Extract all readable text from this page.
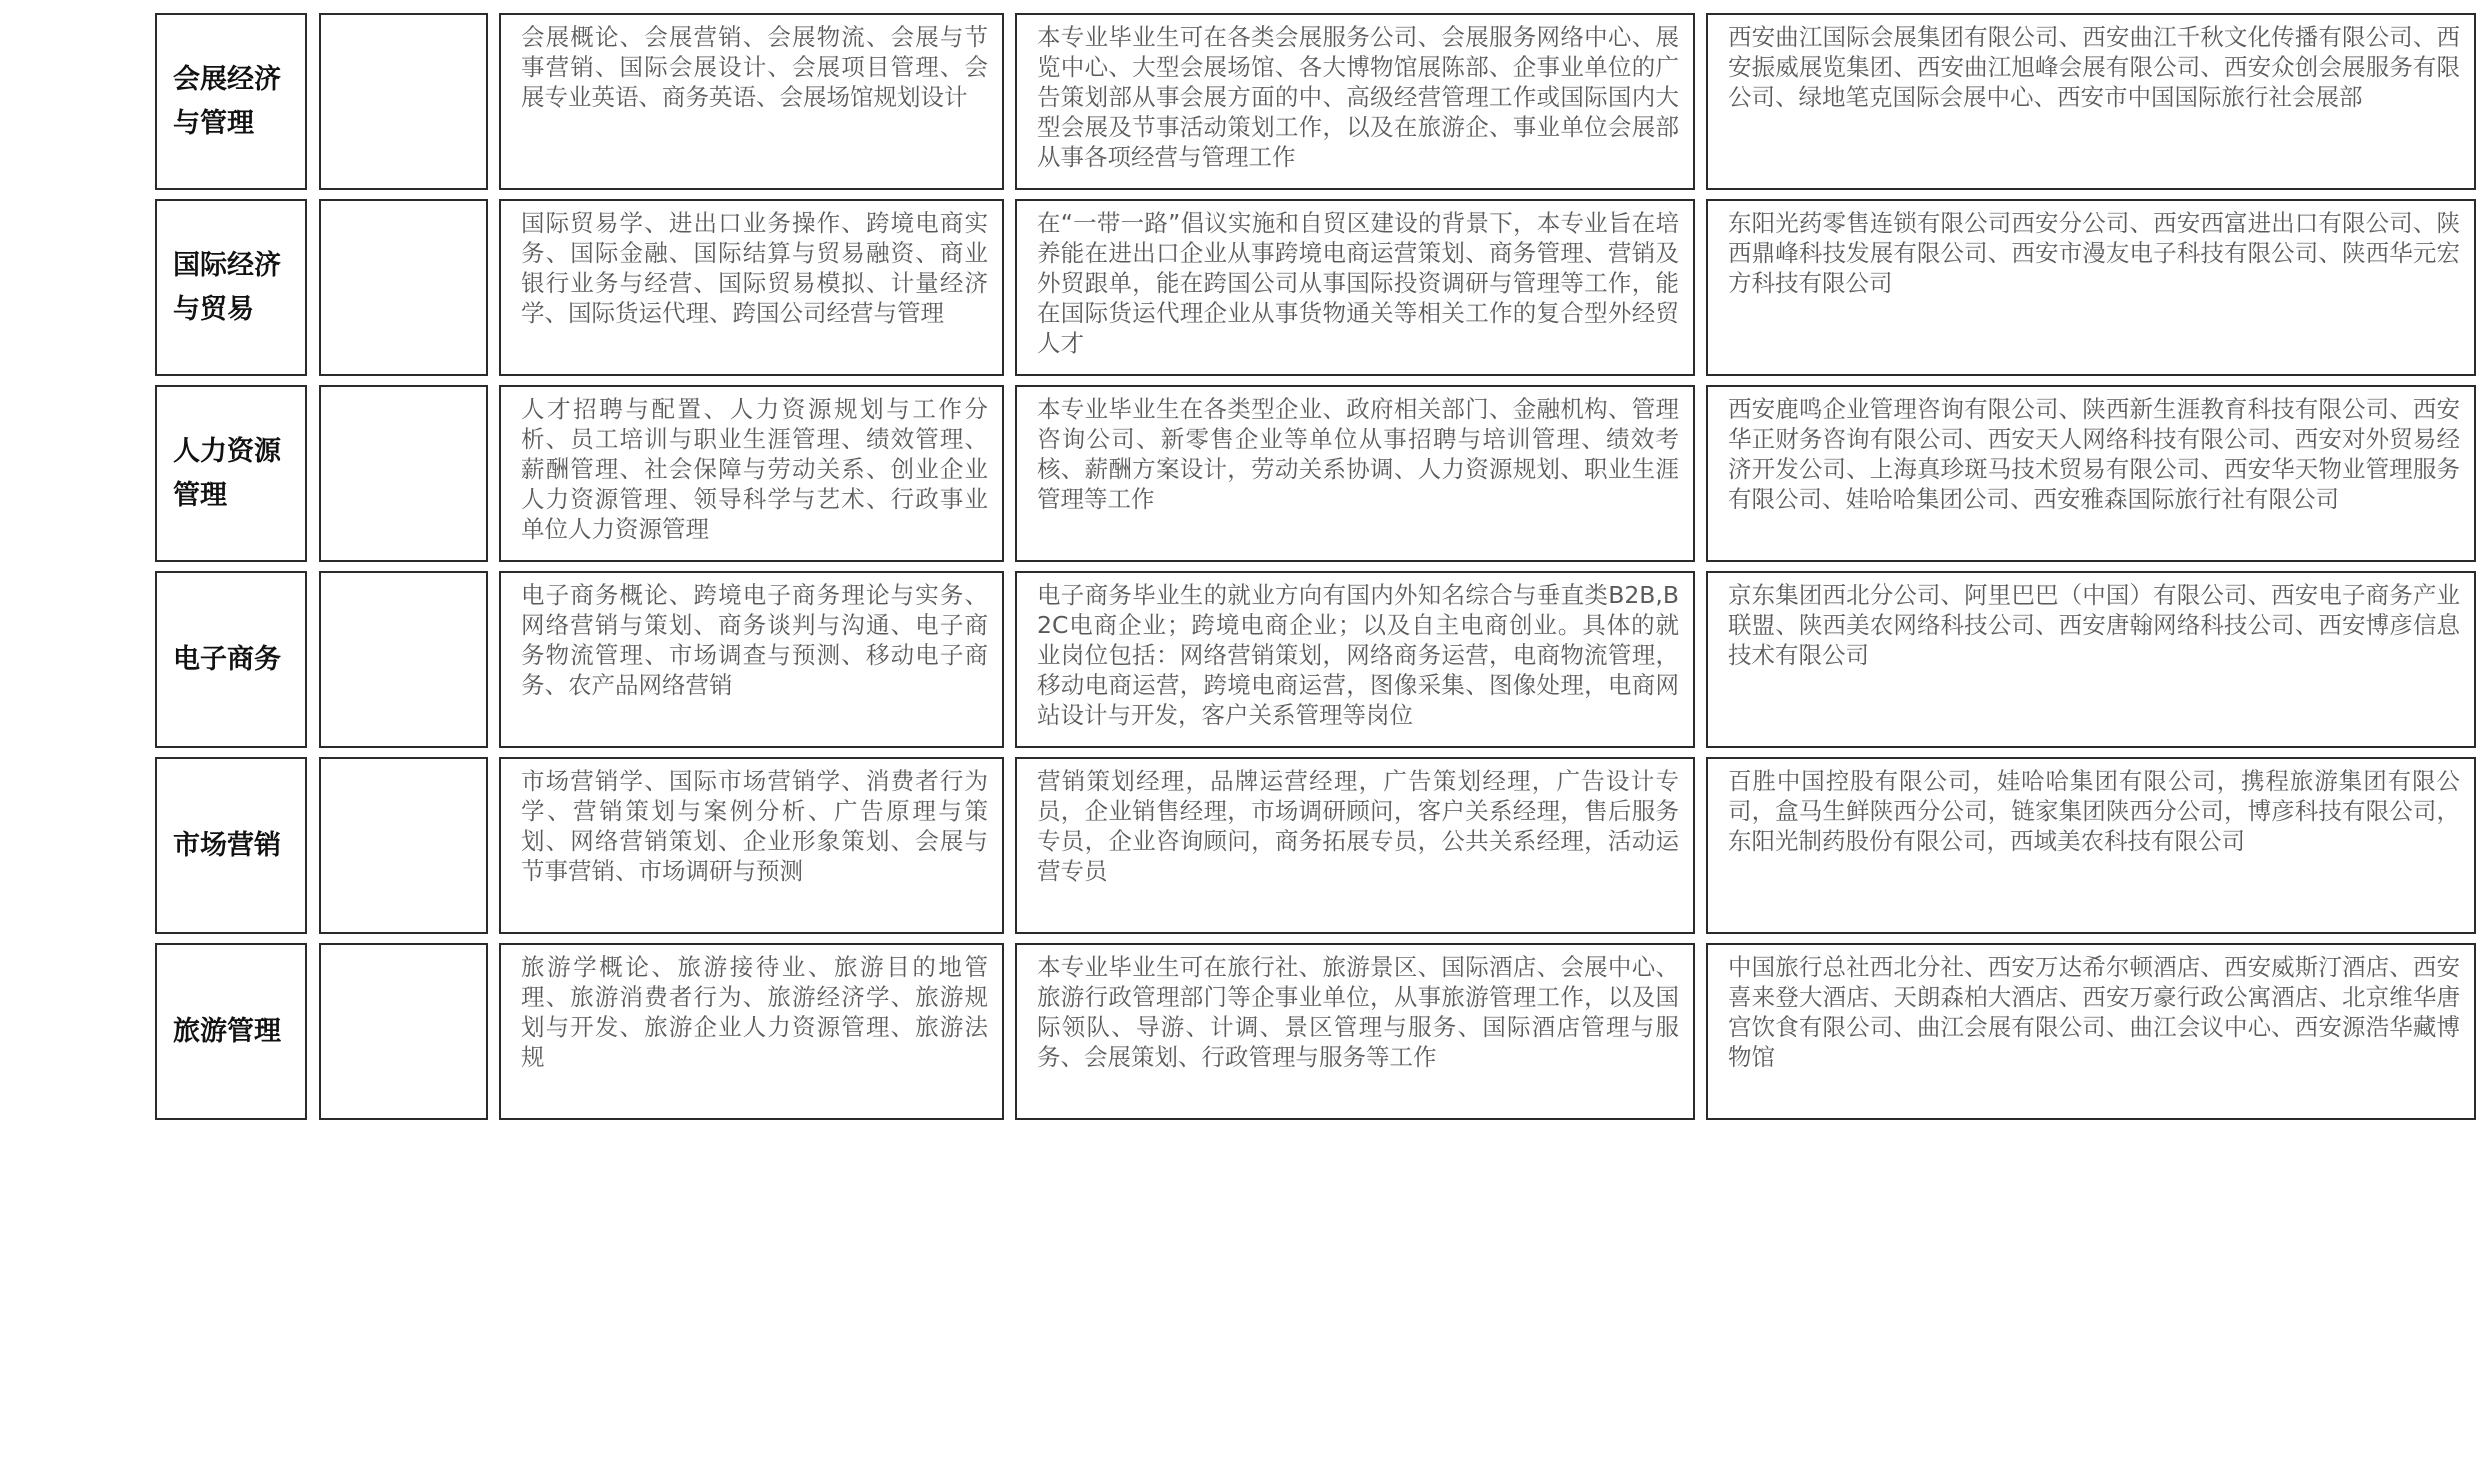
会展经济与管理
会展概论、会展营销、会展物流、会展与节事营销、国际会展设计、会展项目管理、会展专业英语、商务英语、会展场馆规划设计
本专业毕业生可在各类会展服务公司、会展服务网络中心、展览中心、大型会展场馆、各大博物馆展陈部、企事业单位的广告策划部从事会展方面的中、高级经营管理工作或国际国内大型会展及节事活动策划工作，以及在旅游企、事业单位会展部从事各项经营与管理工作
西安曲江国际会展集团有限公司、西安曲江千秋文化传播有限公司、西安振威展览集团、西安曲江旭峰会展有限公司、西安众创会展服务有限公司、绿地笔克国际会展中心、西安市中国国际旅行社会展部
国际经济与贸易
国际贸易学、进出口业务操作、跨境电商实务、国际金融、国际结算与贸易融资、商业银行业务与经营、国际贸易模拟、计量经济学、国际货运代理、跨国公司经营与管理
在“一带一路”倡议实施和自贸区建设的背景下，本专业旨在培养能在进出口企业从事跨境电商运营策划、商务管理、营销及外贸跟单，能在跨国公司从事国际投资调研与管理等工作，能在国际货运代理企业从事货物通关等相关工作的复合型外经贸人才
东阳光药零售连锁有限公司西安分公司、西安西富进出口有限公司、陕西鼎峰科技发展有限公司、西安市漫友电子科技有限公司、陕西华元宏方科技有限公司
人力资源管理
人才招聘与配置、人力资源规划与工作分析、员工培训与职业生涯管理、绩效管理、薪酬管理、社会保障与劳动关系、创业企业人力资源管理、领导科学与艺术、行政事业单位人力资源管理
本专业毕业生在各类型企业、政府相关部门、金融机构、管理咨询公司、新零售企业等单位从事招聘与培训管理、绩效考核、薪酬方案设计，劳动关系协调、人力资源规划、职业生涯管理等工作
西安鹿鸣企业管理咨询有限公司、陕西新生涯教育科技有限公司、西安华正财务咨询有限公司、西安天人网络科技有限公司、西安对外贸易经济开发公司、上海真珍斑马技术贸易有限公司、西安华天物业管理服务有限公司、娃哈哈集团公司、西安雅森国际旅行社有限公司
电子商务
电子商务概论、跨境电子商务理论与实务、网络营销与策划、商务谈判与沟通、电子商务物流管理、市场调查与预测、移动电子商务、农产品网络营销
电子商务毕业生的就业方向有国内外知名综合与垂直类B2B,B2C电商企业；跨境电商企业；以及自主电商创业。具体的就业岗位包括：网络营销策划，网络商务运营，电商物流管理，移动电商运营，跨境电商运营，图像采集、图像处理，电商网站设计与开发，客户关系管理等岗位
京东集团西北分公司、阿里巴巴（中国）有限公司、西安电子商务产业联盟、陕西美农网络科技公司、西安唐翰网络科技公司、西安博彦信息技术有限公司
市场营销
市场营销学、国际市场营销学、消费者行为学、营销策划与案例分析、广告原理与策划、网络营销策划、企业形象策划、会展与节事营销、市场调研与预测
营销策划经理，品牌运营经理，广告策划经理，广告设计专员，企业销售经理，市场调研顾问，客户关系经理，售后服务专员，企业咨询顾问，商务拓展专员，公共关系经理，活动运营专员
百胜中国控股有限公司，娃哈哈集团有限公司，携程旅游集团有限公司，盒马生鲜陕西分公司，链家集团陕西分公司，博彦科技有限公司，东阳光制药股份有限公司，西域美农科技有限公司
旅游管理
旅游学概论、旅游接待业、旅游目的地管理、旅游消费者行为、旅游经济学、旅游规划与开发、旅游企业人力资源管理、旅游法规
本专业毕业生可在旅行社、旅游景区、国际酒店、会展中心、旅游行政管理部门等企事业单位，从事旅游管理工作，以及国际领队、导游、计调、景区管理与服务、国际酒店管理与服务、会展策划、行政管理与服务等工作
中国旅行总社西北分社、西安万达希尔顿酒店、西安威斯汀酒店、西安喜来登大酒店、天朗森柏大酒店、西安万豪行政公寓酒店、北京维华唐宫饮食有限公司、曲江会展有限公司、曲江会议中心、西安源浩华藏博物馆
